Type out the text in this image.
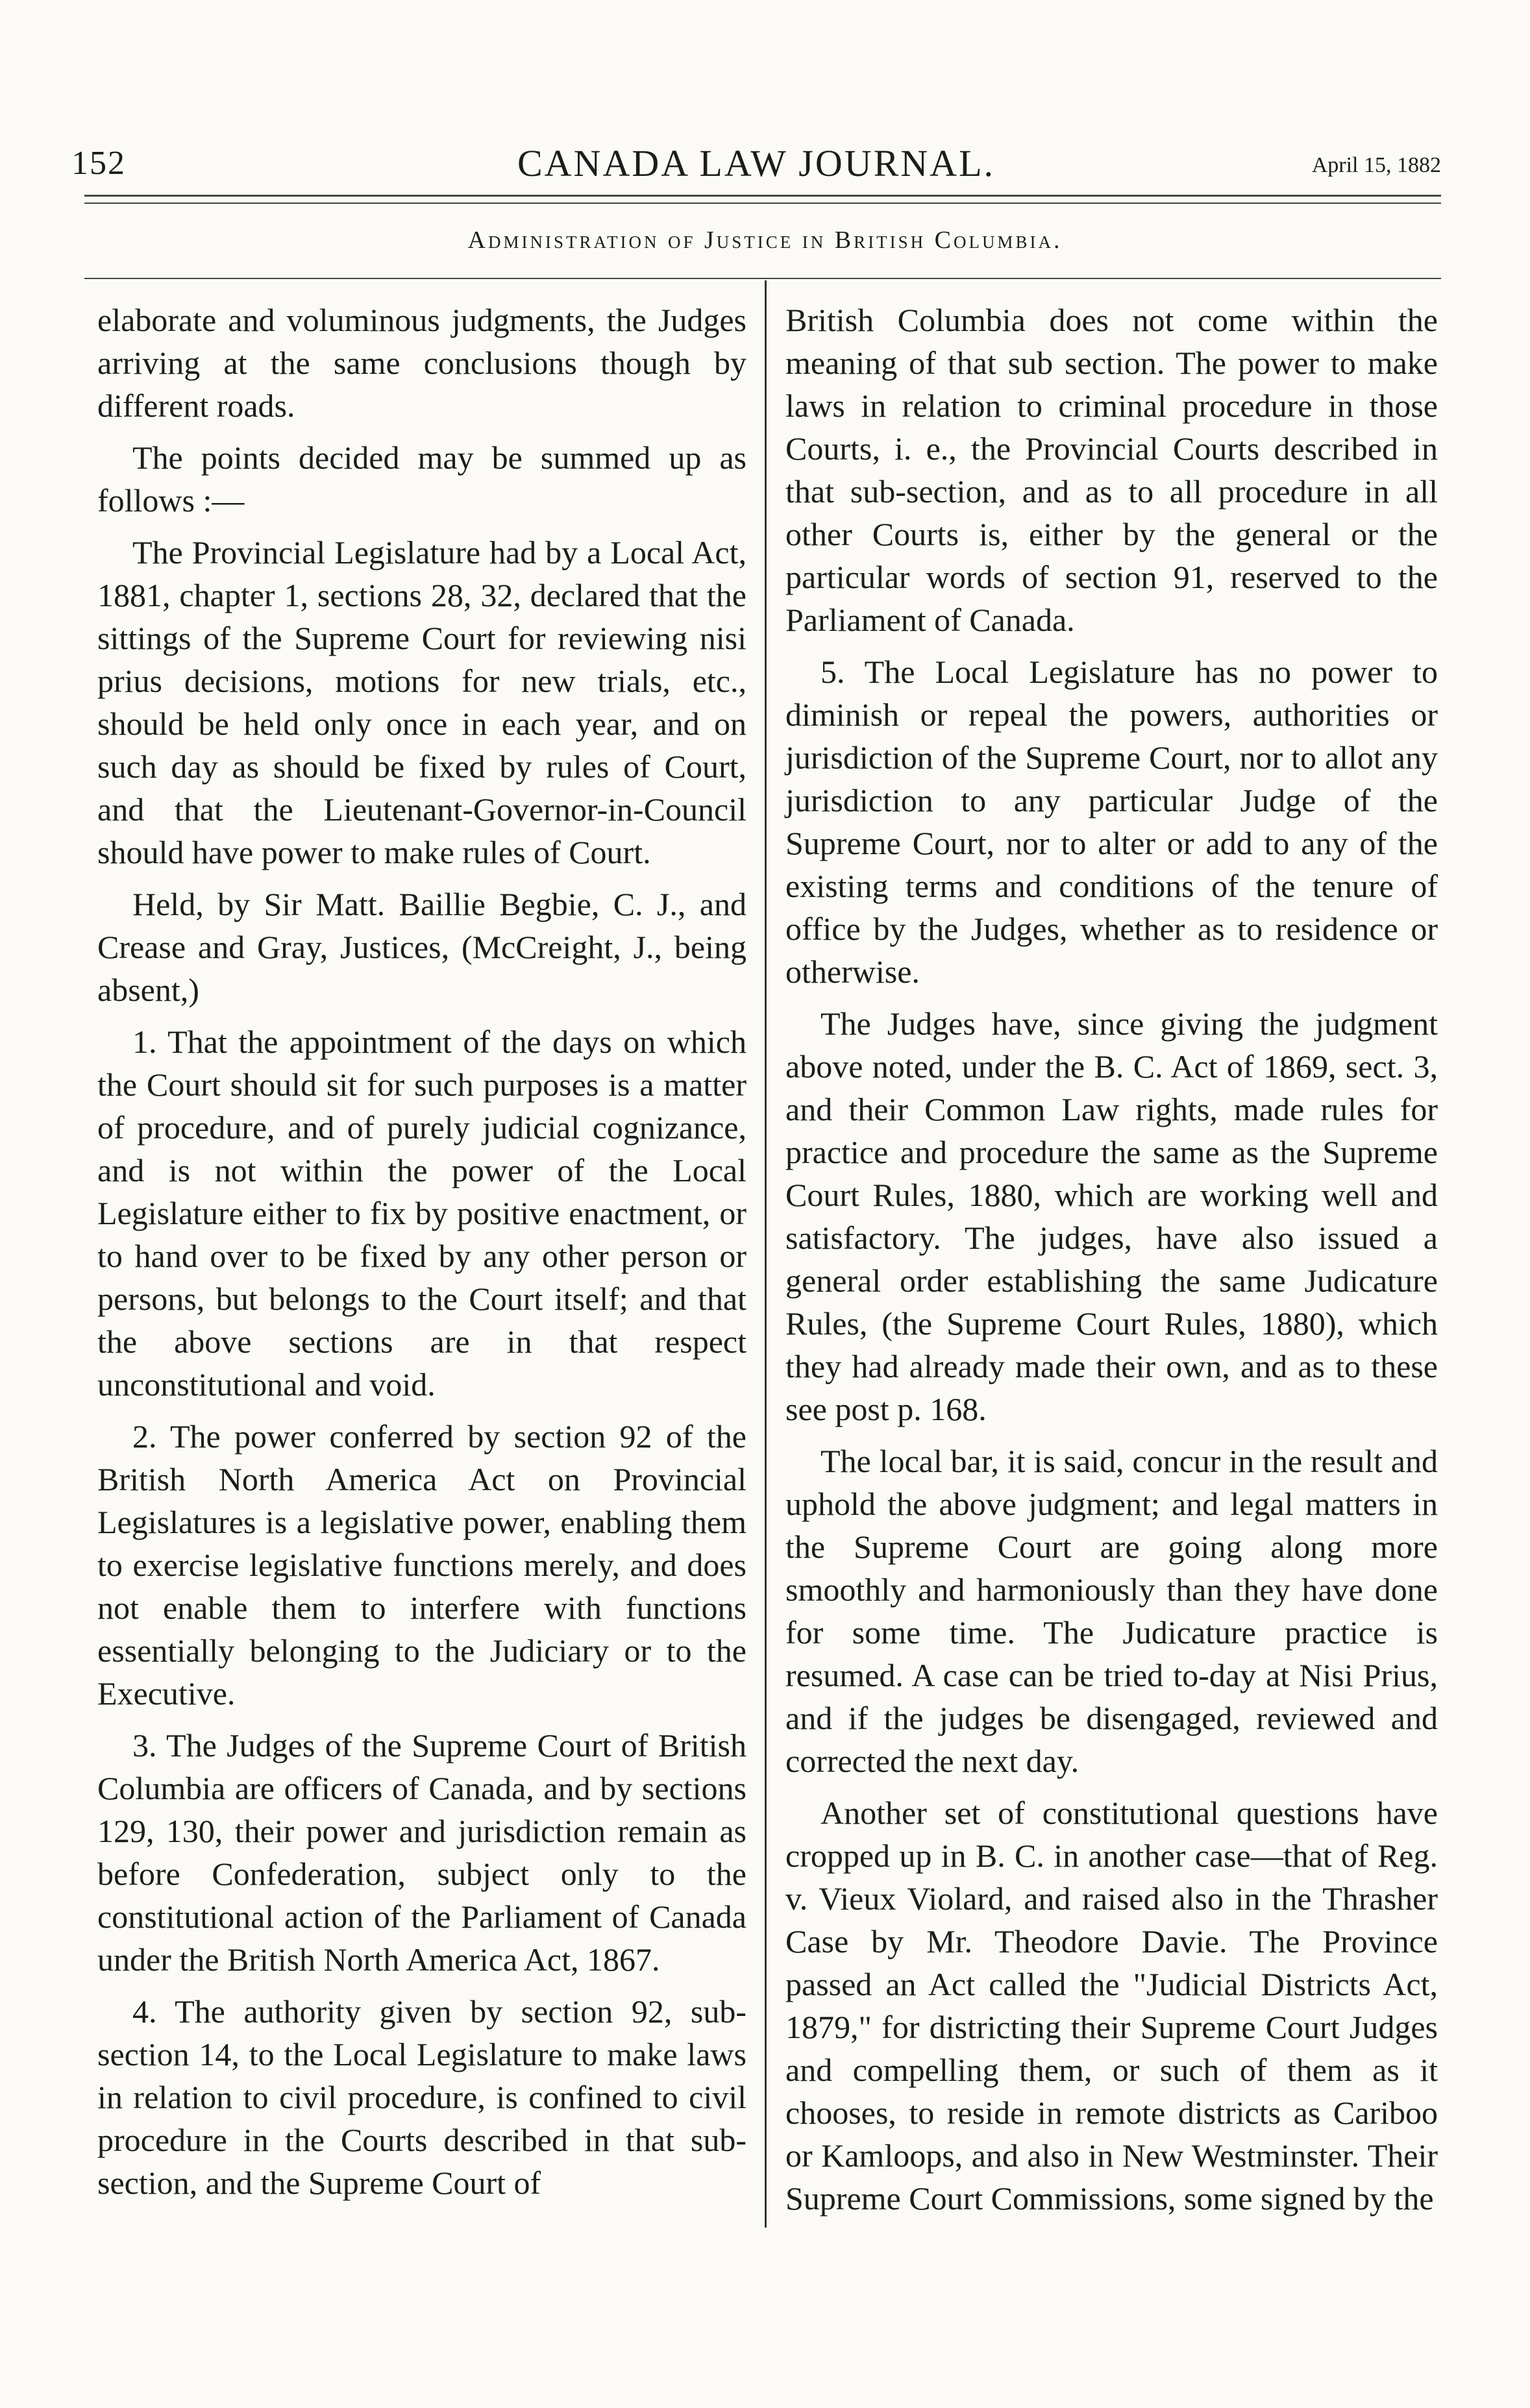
152	CANADA LAW JOURNAL.	April 15, 1882
Administration of Justice in British Columbia.

elaborate and voluminous judgments, the Judges arriving at the same conclusions though by different roads.

The points decided may be summed up as follows :—

The Provincial Legislature had by a Local Act, 1881, chapter 1, sections 28, 32, declared that the sittings of the Supreme Court for reviewing nisi prius decisions, motions for new trials, etc., should be held only once in each year, and on such day as should be fixed by rules of Court, and that the Lieutenant-Governor-in-Council should have power to make rules of Court.

Held, by Sir Matt. Baillie Begbie, C. J., and Crease and Gray, Justices, (McCreight, J., being absent,)

1. That the appointment of the days on which the Court should sit for such purposes is a matter of procedure, and of purely judicial cognizance, and is not within the power of the Local Legislature either to fix by positive enactment, or to hand over to be fixed by any other person or persons, but belongs to the Court itself; and that the above sections are in that respect unconstitutional and void.

2. The power conferred by section 92 of the British North America Act on Provincial Legislatures is a legislative power, enabling them to exercise legislative functions merely, and does not enable them to interfere with functions essentially belonging to the Judiciary or to the Executive.

3. The Judges of the Supreme Court of British Columbia are officers of Canada, and by sections 129, 130, their power and jurisdiction remain as before Confederation, subject only to the constitutional action of the Parliament of Canada under the British North America Act, 1867.

4. The authority given by section 92, sub-section 14, to the Local Legislature to make laws in relation to civil procedure, is confined to civil procedure in the Courts described in that sub-section, and the Supreme Court of

British Columbia does not come within the meaning of that sub section. The power to make laws in relation to criminal procedure in those Courts, i. e., the Provincial Courts described in that sub-section, and as to all procedure in all other Courts is, either by the general or the particular words of section 91, reserved to the Parliament of Canada.

5. The Local Legislature has no power to diminish or repeal the powers, authorities or jurisdiction of the Supreme Court, nor to allot any jurisdiction to any particular Judge of the Supreme Court, nor to alter or add to any of the existing terms and conditions of the tenure of office by the Judges, whether as to residence or otherwise.

The Judges have, since giving the judgment above noted, under the B. C. Act of 1869, sect. 3, and their Common Law rights, made rules for practice and procedure the same as the Supreme Court Rules, 1880, which are working well and satisfactory. The judges, have also issued a general order establishing the same Judicature Rules, (the Supreme Court Rules, 1880), which they had already made their own, and as to these see post p. 168.

The local bar, it is said, concur in the result and uphold the above judgment; and legal matters in the Supreme Court are going along more smoothly and harmoniously than they have done for some time. The Judicature practice is resumed. A case can be tried to-day at Nisi Prius, and if the judges be disengaged, reviewed and corrected the next day.

Another set of constitutional questions have cropped up in B. C. in another case—that of Reg. v. Vieux Violard, and raised also in the Thrasher Case by Mr. Theodore Davie. The Province passed an Act called the "Judicial Districts Act, 1879," for districting their Supreme Court Judges and compelling them, or such of them as it chooses, to reside in remote districts as Cariboo or Kamloops, and also in New Westminster. Their Supreme Court Commissions, some signed by the
